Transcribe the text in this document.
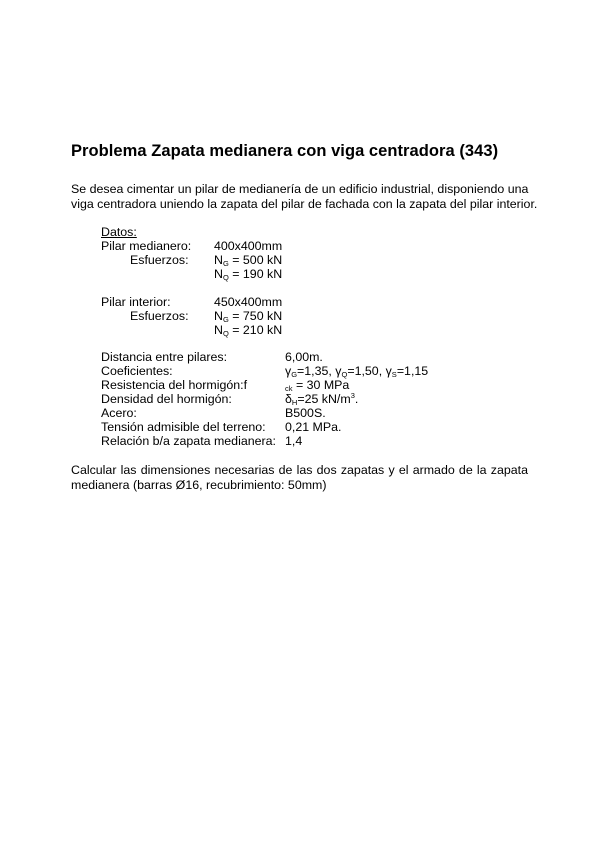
Problema Zapata medianera con viga centradora (343)
Se desea cimentar un pilar de medianería de un edificio industrial, disponiendo una
viga centradora uniendo la zapata del pilar de fachada con la zapata del pilar interior.
Datos:
Pilar medianero: 400x400mm
Esfuerzos: $N_G = 500$ kN
$N_Q = 190$ kN
Pilar interior:	450x400mm
Esfuerzos: $N_G = 750$ kN
$N_Q = 210$ kN
Distancia entre pilares:	6,00m.
Coeficientes:	$\gamma_G=1,35$, $\gamma_Q=1,50$, $\gamma_S=1,15$
Resistencia del hormigón:f	$_{ck}$ = 30 MPa
Densidad del hormigón:	$\delta_H=25$ $kN/m^3$.
Acero:	B500S.
Tensión admisible del terreno: 0,21 MPa.
Relación b/a zapata medianera: 1,4
Calcular las dimensiones necesarias de las dos zapatas y el armado de la zapata
medianera (barras Ø16, recubrimiento: 50mm)
